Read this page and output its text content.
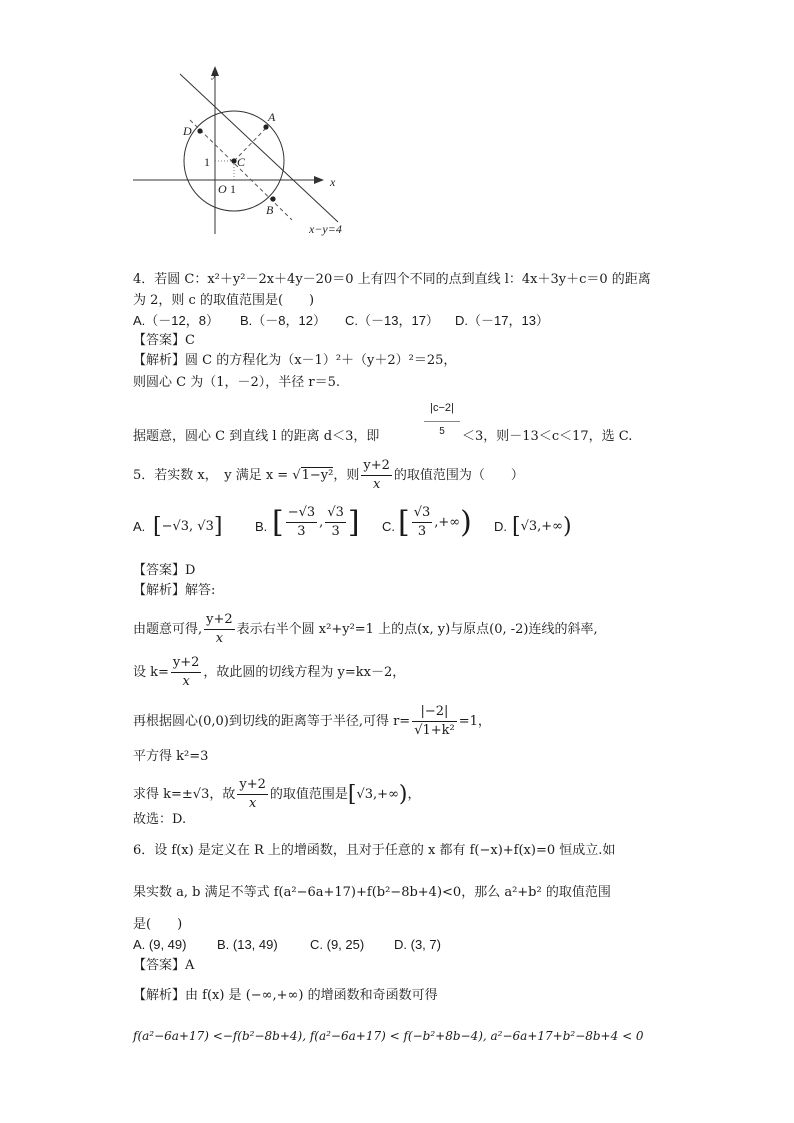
y
x
A
B
D
C
O 1
1
x−y=4
4．若圆 C：x²＋y²－2x＋4y－20＝0 上有四个不同的点到直线 l：4x＋3y＋c＝0 的距离
为 2，则 c 的取值范围是(　　)
A.（－12，8） B.（－8，12） C.（－13，17） D.（－17，13）
【答案】C
【解析】圆 C 的方程化为（x－1）²＋（y＋2）²＝25，
则圆心 C 为（1，－2），半径 r＝5.
据题意，圆心 C 到直线 l 的距离 d＜3，即
|c−2|
5	＜3，则－13＜c＜17，选 C.
5．若实数 x，　y 满足 x = √1−y²，则 $\frac{y+2}{x}$ 的取值范围为（　　）
A. [−√3, √3]	B. [ $\frac{-√3}{3}$ , $\frac{√3}{3}$ ] C. [ $\frac{√3}{3}$ ,+∞) D. [√3,+∞)
【答案】D
【解析】解答:
由题意可得, $\frac{y+2}{x}$ 表示右半个圆 x²+y²=1 上的点(x, y)与原点(0, -2)连线的斜率,
设 $k= \frac{y+2}{x}$ ，故此圆的切线方程为 y=kx－2，
再根据圆心(0,0)到切线的距离等于半径,可得 $r= \frac{|-2|}{\text{√1+k²}} =1$，
平方得 k²=3
求得 k=±√3，故 $\frac{y+2}{x}$ 的取值范围是[√3,+∞)，
故选：D.
6．设 f(x) 是定义在 R 上的增函数，且对于任意的 x 都有 f(−x)+f(x)=0 恒成立.如
果实数 a, b 满足不等式 f(a²−6a+17)+f(b²−8b+4)<0，那么 a²+b² 的取值范围
是(　　)
A. (9, 49) B. (13, 49) C. (9, 25) D. (3, 7)
【答案】A
【解析】由 f(x) 是 (−∞,+∞) 的增函数和奇函数可得
f(a²−6a+17) <−f(b²−8b+4), f(a²−6a+17) < f(−b²+8b−4), a²−6a+17+b²−8b+4 < 0
